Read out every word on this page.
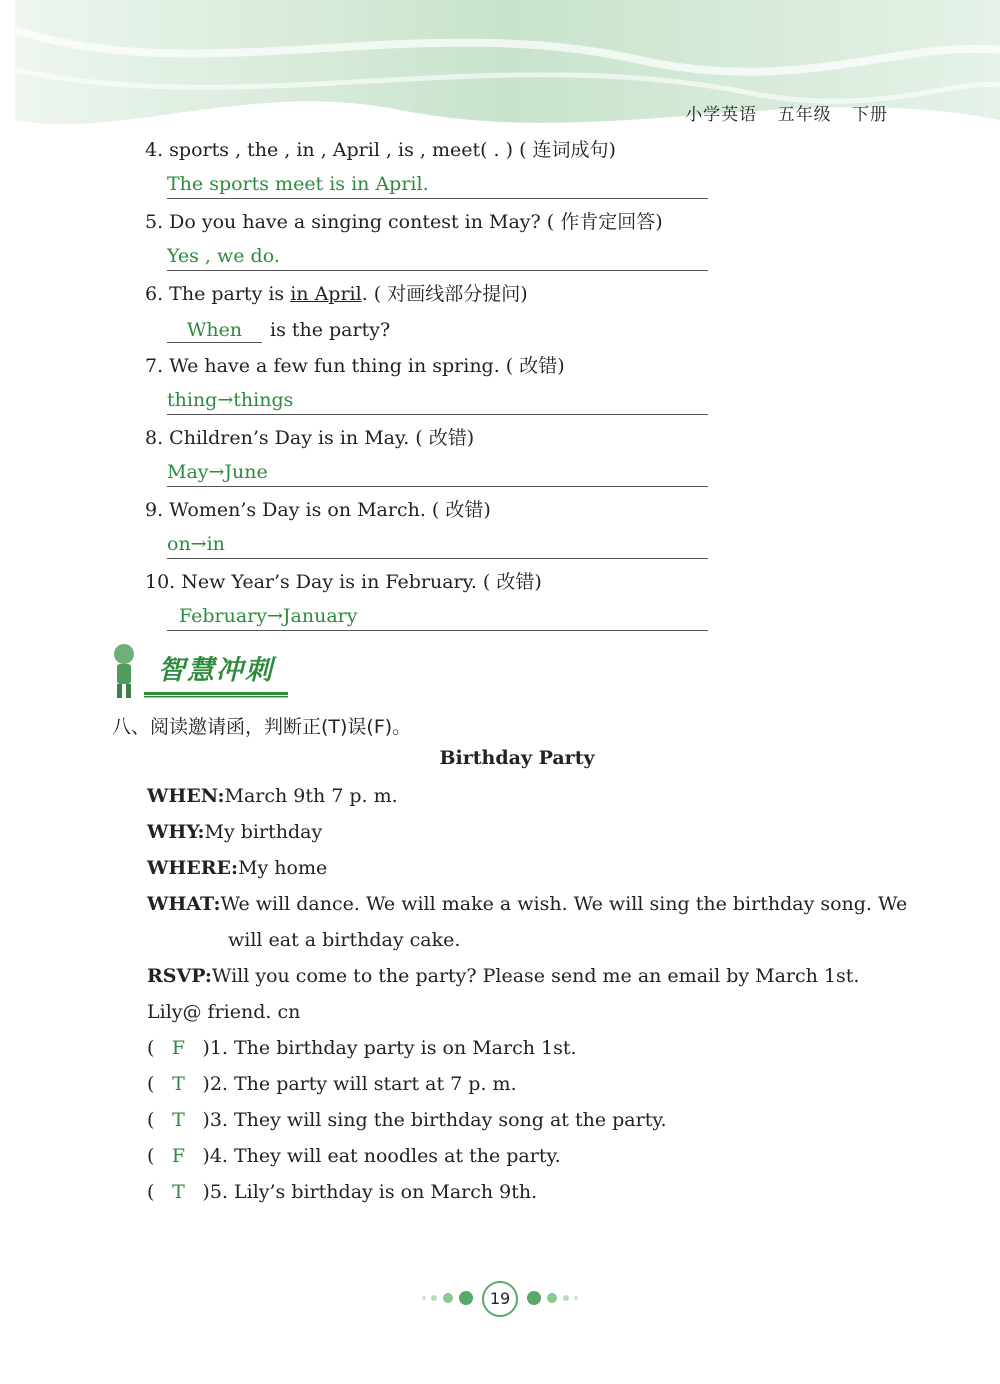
小学英语 五年级 下册
4. sports , the , in , April , is , meet( . ) ( 连词成句)
The sports meet is in April.
5. Do you have a singing contest in May? ( 作肯定回答)
Yes , we do.
6. The party is in April. ( 对画线部分提问)
When is the party?
7. We have a few fun thing in spring. ( 改错)
thing→things
8. Children’s Day is in May. ( 改错)
May→June
9. Women’s Day is on March. ( 改错)
on→in
10. New Year’s Day is in February. ( 改错)
February→January
智慧冲刺
八、阅读邀请函，判断正(T)误(F)。
Birthday Party
WHEN:March 9th 7 p. m.
WHY:My birthday
WHERE:My home
WHAT:We will dance. We will make a wish. We will sing the birthday song. We
will eat a birthday cake.
RSVP:Will you come to the party? Please send me an email by March 1st.
Lily@ friend. cn
( F )1. The birthday party is on March 1st.
( T )2. The party will start at 7 p. m.
( T )3. They will sing the birthday song at the party.
( F )4. They will eat noodles at the party.
( T )5. Lily’s birthday is on March 9th.
19
